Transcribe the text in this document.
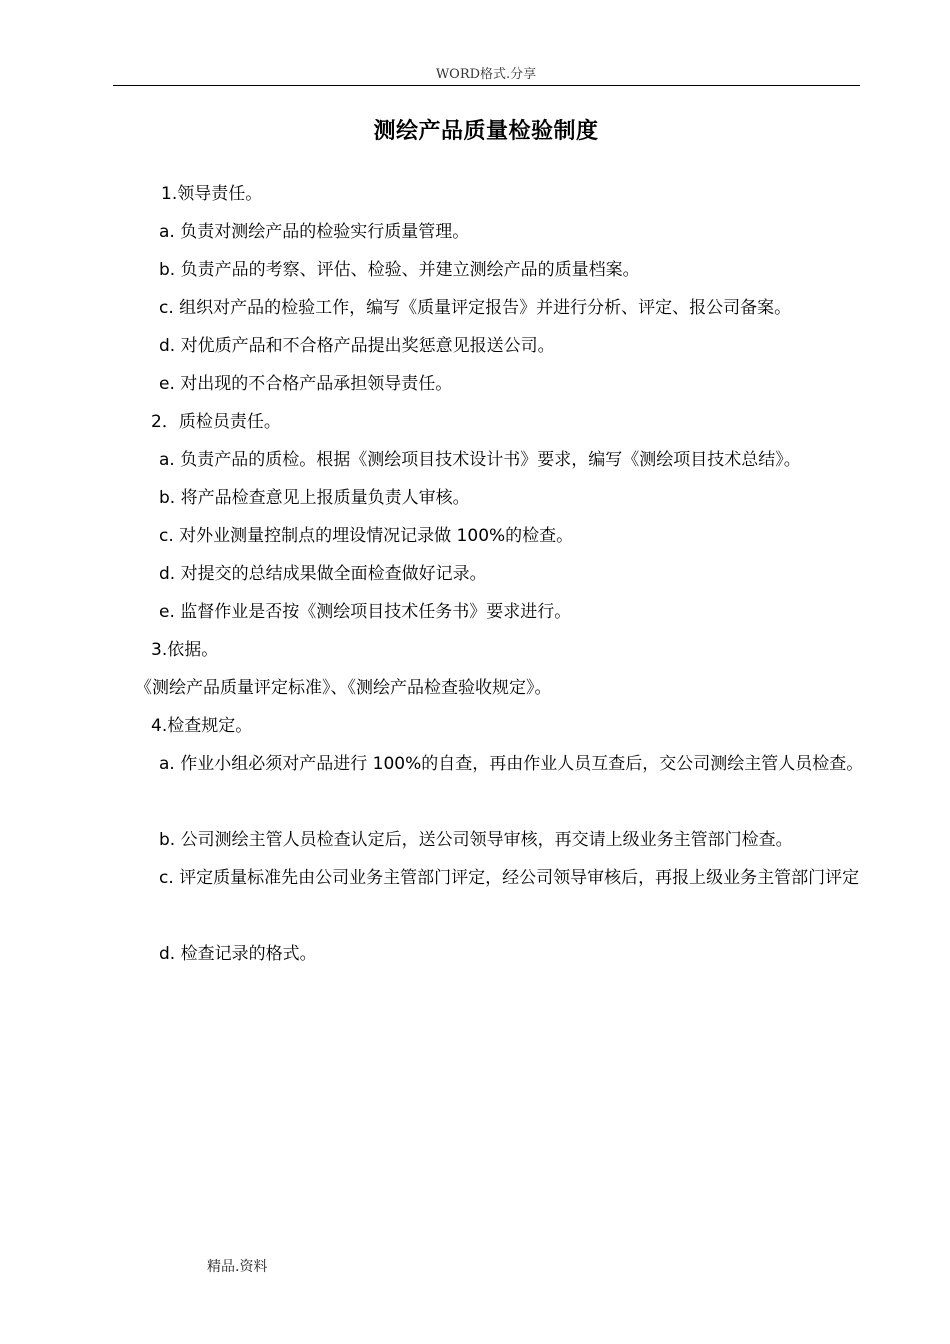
WORD格式.分享
测绘产品质量检验制度
1.领导责任。
a. 负责对测绘产品的检验实行质量管理。
b. 负责产品的考察、评估、检验、并建立测绘产品的质量档案。
c. 组织对产品的检验工作，编写《质量评定报告》并进行分析、评定、报公司备案。
d. 对优质产品和不合格产品提出奖惩意见报送公司。
e. 对出现的不合格产品承担领导责任。
2．质检员责任。
a. 负责产品的质检。根据《测绘项目技术设计书》要求，编写《测绘项目技术总结》。
b. 将产品检查意见上报质量负责人审核。
c. 对外业测量控制点的埋设情况记录做 100%的检查。
d. 对提交的总结成果做全面检查做好记录。
e. 监督作业是否按《测绘项目技术任务书》要求进行。
3.依据。
《测绘产品质量评定标准》、《测绘产品检查验收规定》。
4.检查规定。
a. 作业小组必须对产品进行 100%的自查，再由作业人员互查后，交公司测绘主管人员检查。
b. 公司测绘主管人员检查认定后，送公司领导审核，再交请上级业务主管部门检查。
c. 评定质量标准先由公司业务主管部门评定，经公司领导审核后，再报上级业务主管部门评定
d. 检查记录的格式。
精品.资料
